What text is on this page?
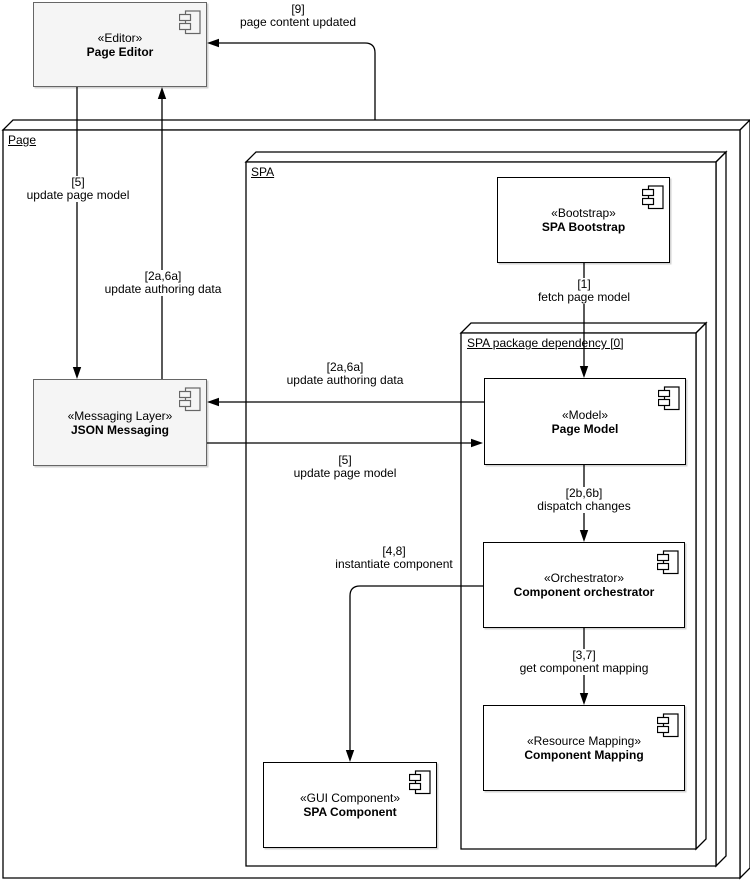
Page
SPA
SPA package dependency [0]
«Editor»
Page Editor
«Messaging Layer»
JSON Messaging
«Bootstrap»
SPA Bootstrap
«Model»
Page Model
«Orchestrator»
Component orchestrator
«Resource Mapping»
Component Mapping
«GUI Component»
SPA Component
[9]
page content updated
[5]
update page model
[2a,6a]
update authoring data
[2a,6a]
update authoring data
[5]
update page model
[1]
fetch page model
[2b,6b]
dispatch changes
[4,8]
instantiate component
[3,7]
get component mapping
